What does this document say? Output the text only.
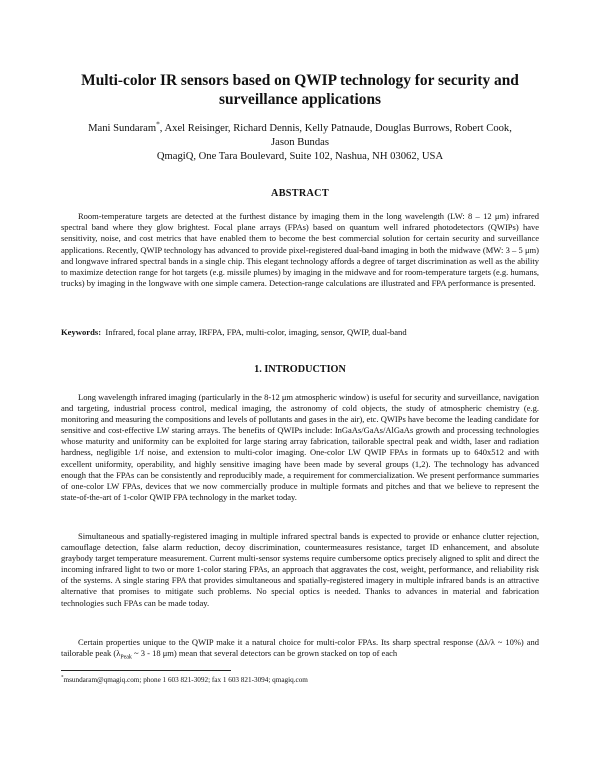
Multi-color IR sensors based on QWIP technology for security and
surveillance applications
Mani Sundaram*, Axel Reisinger, Richard Dennis, Kelly Patnaude, Douglas Burrows, Robert Cook,
Jason Bundas
QmagiQ, One Tara Boulevard, Suite 102, Nashua, NH 03062, USA
ABSTRACT

Room-temperature targets are detected at the furthest distance by imaging them in the long wavelength (LW: 8 – 12 μm) infrared spectral band where they glow brightest. Focal plane arrays (FPAs) based on quantum well infrared photodetectors (QWIPs) have sensitivity, noise, and cost metrics that have enabled them to become the best commercial solution for certain security and surveillance applications. Recently, QWIP technology has advanced to provide pixel-registered dual-band imaging in both the midwave (MW: 3 – 5 μm) and longwave infrared spectral bands in a single chip. This elegant technology affords a degree of target discrimination as well as the ability to maximize detection range for hot targets (e.g. missile plumes) by imaging in the midwave and for room-temperature targets (e.g. humans, trucks) by imaging in the longwave with one simple camera. Detection-range calculations are illustrated and FPA performance is presented.

Keywords: Infrared, focal plane array, IRFPA, FPA, multi-color, imaging, sensor, QWIP, dual-band

1. INTRODUCTION

Long wavelength infrared imaging (particularly in the 8-12 μm atmospheric window) is useful for security and surveillance, navigation and targeting, industrial process control, medical imaging, the astronomy of cold objects, the study of atmospheric chemistry (e.g. monitoring and measuring the compositions and levels of pollutants and gases in the air), etc. QWIPs have become the leading candidate for sensitive and cost-effective LW staring arrays. The benefits of QWIPs include: InGaAs/GaAs/AlGaAs growth and processing technologies whose maturity and uniformity can be exploited for large staring array fabrication, tailorable spectral peak and width, laser and radiation hardness, negligible 1/f noise, and extension to multi-color imaging. One-color LW QWIP FPAs in formats up to 640x512 and with excellent uniformity, operability, and highly sensitive imaging have been made by several groups (1,2). The technology has advanced enough that the FPAs can be consistently and reproducibly made, a requirement for commercialization. We present performance summaries of one-color LW FPAs, devices that we now commercially produce in multiple formats and pitches and that we believe to represent the state-of-the-art of 1-color QWIP FPA technology in the market today.

Simultaneous and spatially-registered imaging in multiple infrared spectral bands is expected to provide or enhance clutter rejection, camouflage detection, false alarm reduction, decoy discrimination, countermeasures resistance, target ID enhancement, and absolute graybody target temperature measurement. Current multi-sensor systems require cumbersome optics precisely aligned to split and direct the incoming infrared light to two or more 1-color staring FPAs, an approach that aggravates the cost, weight, performance, and reliability risk of the systems. A single staring FPA that provides simultaneous and spatially-registered imagery in multiple infrared bands is an attractive alternative that promises to mitigate such problems. No special optics is needed. Thanks to advances in material and fabrication technologies such FPAs can be made today.

Certain properties unique to the QWIP make it a natural choice for multi-color FPAs. Its sharp spectral response (Δλ/λ ~ 10%) and tailorable peak ($\lambda_{Peak}$ ~ 3 - 18 μm) mean that several detectors can be grown stacked on top of each

*msundaram@qmagiq.com; phone 1 603 821-3092; fax 1 603 821-3094; qmagiq.com
